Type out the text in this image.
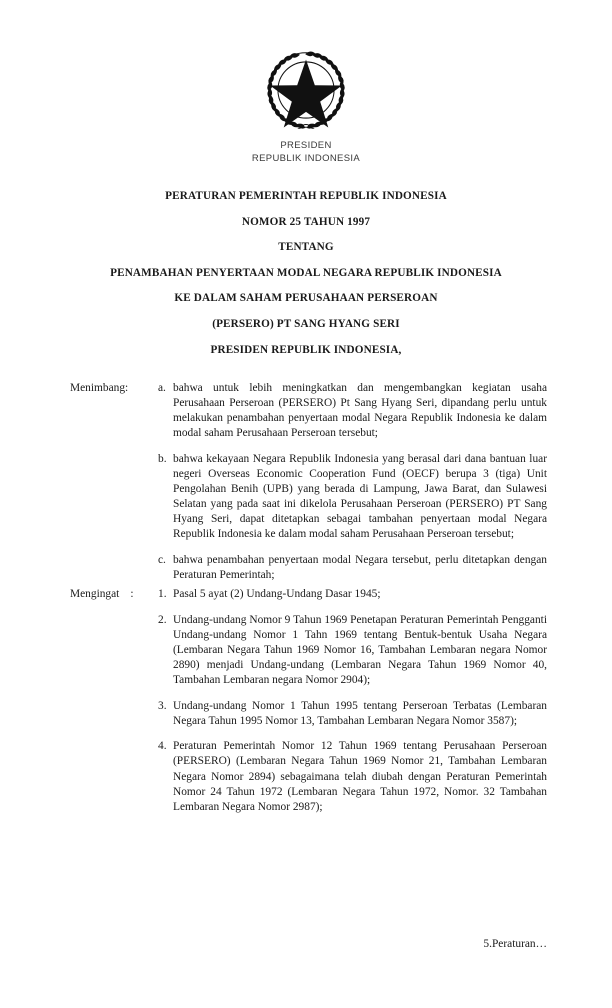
PRESIDEN
REPUBLIK INDONESIA
PERATURAN PEMERINTAH REPUBLIK INDONESIA
NOMOR 25 TAHUN 1997
TENTANG
PENAMBAHAN PENYERTAAN MODAL NEGARA REPUBLIK INDONESIA
KE DALAM SAHAM PERUSAHAAN PERSEROAN
(PERSERO) PT SANG HYANG SERI
PRESIDEN REPUBLIK INDONESIA,
Menimbang:	a. bahwa untuk lebih meningkatkan dan mengembangkan kegiatan usaha Perusahaan Perseroan (PERSERO) Pt Sang Hyang Seri, dipandang perlu untuk melakukan penambahan penyertaan modal Negara Republik Indonesia ke dalam modal saham Perusahaan Perseroan tersebut;
b. bahwa kekayaan Negara Republik Indonesia yang berasal dari dana bantuan luar negeri Overseas Economic Cooperation Fund (OECF) berupa 3 (tiga) Unit Pengolahan Benih (UPB) yang berada di Lampung, Jawa Barat, dan Sulawesi Selatan yang pada saat ini dikelola Perusahaan Perseroan (PERSERO) PT Sang Hyang Seri, dapat ditetapkan sebagai tambahan penyertaan modal Negara Republik Indonesia ke dalam modal saham Perusahaan Perseroan tersebut;
c. bahwa penambahan penyertaan modal Negara tersebut, perlu ditetapkan dengan Peraturan Pemerintah;
Mengingat :	1. Pasal 5 ayat (2) Undang-Undang Dasar 1945;
2. Undang-undang Nomor 9 Tahun 1969 Penetapan Peraturan Pemerintah Pengganti Undang-undang Nomor 1 Tahn 1969 tentang Bentuk-bentuk Usaha Negara (Lembaran Negara Tahun 1969 Nomor 16, Tambahan Lembaran negara Nomor 2890) menjadi Undang-undang (Lembaran Negara Tahun 1969 Nomor 40, Tambahan Lembaran negara Nomor 2904);
3. Undang-undang Nomor 1 Tahun 1995 tentang Perseroan Terbatas (Lembaran Negara Tahun 1995 Nomor 13, Tambahan Lembaran Negara Nomor 3587);
4. Peraturan Pemerintah Nomor 12 Tahun 1969 tentang Perusahaan Perseroan (PERSERO) (Lembaran Negara Tahun 1969 Nomor 21, Tambahan Lembaran Negara Nomor 2894) sebagaimana telah diubah dengan Peraturan Pemerintah Nomor 24 Tahun 1972 (Lembaran Negara Tahun 1972, Nomor. 32 Tambahan Lembaran Negara Nomor 2987);
5.Peraturan…
